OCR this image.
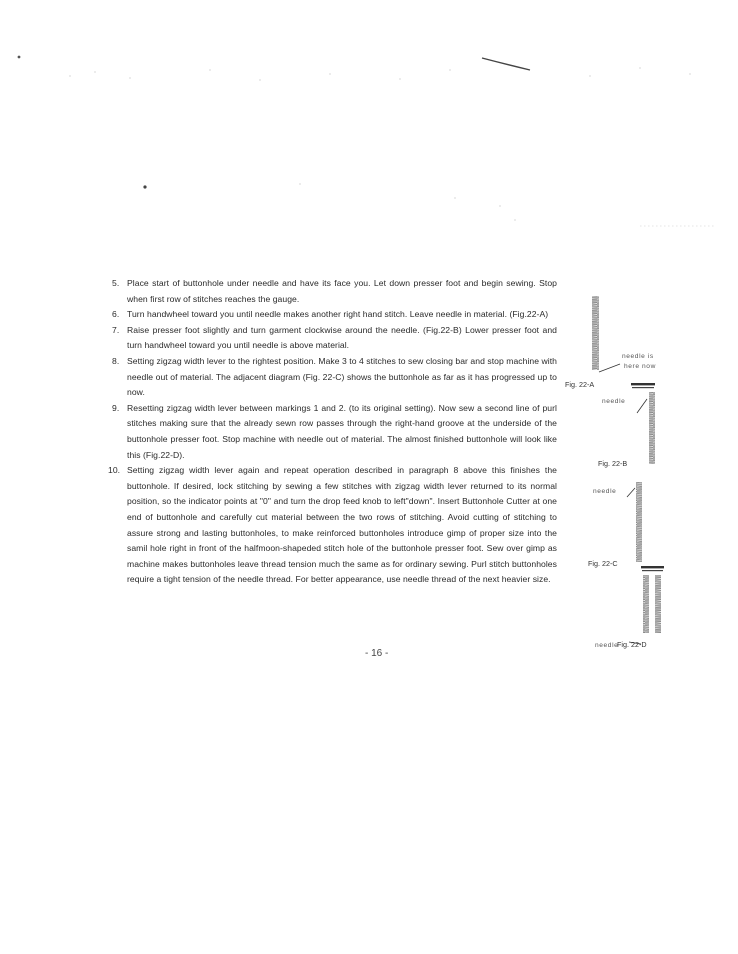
5. Place start of buttonhole under needle and have its face you. Let down presser foot and begin sewing. Stop when first row of stitches reaches the gauge.
6. Turn handwheel toward you until needle makes another right hand stitch. Leave needle in material. (Fig.22-A)
7. Raise presser foot slightly and turn garment clockwise around the needle. (Fig.22-B) Lower presser foot and turn handwheel toward you until needle is above material.
8. Setting zigzag width lever to the rightest position. Make 3 to 4 stitches to sew closing bar and stop machine with needle out of material. The adjacent diagram (Fig. 22-C) shows the buttonhole as far as it has progressed up to now.
9. Resetting zigzag width lever between markings 1 and 2. (to its original setting). Now sew a second line of purl stitches making sure that the already sewn row passes through the right-hand groove at the underside of the buttonhole presser foot. Stop machine with needle out of material. The almost finished buttonhole will look like this (Fig.22-D).
10. Setting zigzag width lever again and repeat operation described in paragraph 8 above this finishes the buttonhole. If desired, lock stitching by sewing a few stitches with zigzag width lever returned to its normal position, so the indicator points at "0" and turn the drop feed knob to left"down". Insert Buttonhole Cutter at one end of buttonhole and carefully cut material between the two rows of stitching. Avoid cutting of stitching to assure strong and lasting buttonholes, to make reinforced buttonholes introduce gimp of proper size into the samil hole right in front of the halfmoon-shapeded stitch hole of the buttonhole presser foot. Sew over gimp as machine makes buttonholes leave thread tension much the same as for ordinary sewing. Purl stitch buttonholes require a tight tension of the needle thread. For better appearance, use needle thread of the next heavier size.
- 16 -
needle is
here now
Fig. 22-A
needle
Fig. 22-B
needle
Fig. 22-C
needle
Fig. 22-D
